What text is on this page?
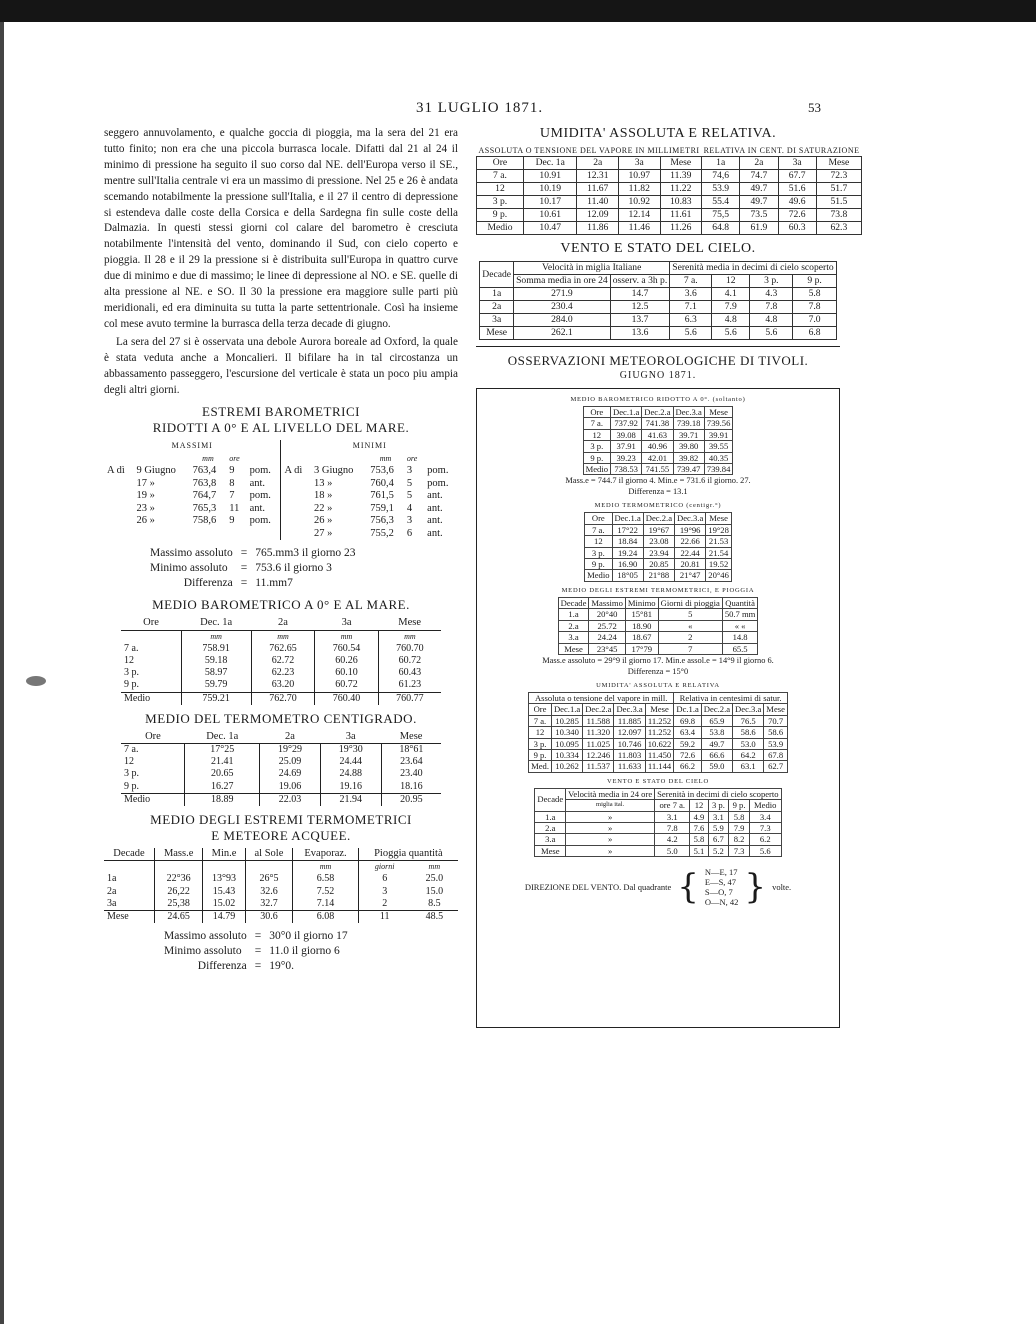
31 LUGLIO 1871.	53

seggero annuvolamento, e qualche goccia di pioggia, ma la sera del 21 era tutto finito; non era che una piccola burrasca locale. Difatti dal 21 al 24 il minimo di pressione ha seguito il suo corso dal NE. dell'Europa verso il SE., mentre sull'Italia centrale vi era un massimo di pressione. Nel 25 e 26 è andata scemando notabilmente la pressione sull'Italia, e il 27 il centro di depressione si estendeva dalle coste della Corsica e della Sardegna fin sulle coste della Dalmazia. In questi stessi giorni col calare del barometro è cresciuta notabilmente l'intensità del vento, dominando il Sud, con cielo coperto e pioggia. Il 28 e il 29 la pressione si è distribuita sull'Europa in quattro curve due di minimo e due di massimo; le linee di depressione al NO. e SE. quelle di alta pressione al NE. e SO. Il 30 la pressione era maggiore sulle parti più meridionali, ed era diminuita su tutta la parte settentrionale. Così ha insieme col mese avuto termine la burrasca della terza decade di giugno.

La sera del 27 si è osservata una debole Aurora boreale ad Oxford, la quale è stata veduta anche a Moncalieri. Il bifilare ha in tal circostanza un abbassamento passeggero, l'escursione del verticale è stata un poco piu ampia degli altri giorni.

ESTREMI BAROMETRICI
RIDOTTI A 0° E AL LIVELLO DEL MARE.
MASSIMI					MINIMI				
		mm	ore				mm	ore	
A dì	9 Giugno	763,4	9	pom.	A dì	3 Giugno	753,6	3	pom.
	17 »	763,8	8	ant.		13 »	760,4	5	pom.
	19 »	764,7	7	pom.		18 »	761,5	5	ant.
	23 »	765,3	11	ant.		22 »	759,1	4	ant.
	26 »	758,6	9	pom.		26 »	756,3	3	ant.
						27 »	755,2	6	ant.
Massimo assoluto	=	765.mm3 il giorno 23
Minimo assoluto	=	753.6 il giorno 3
Differenza	=	11.mm7
MEDIO BAROMETRICO A 0° E AL MARE.
Ore	Dec. 1a	2a	3a	Mese
	mm	mm	mm	mm
7 a.	758.91	762.65	760.54	760.70
12	59.18	62.72	60.26	60.72
3 p.	58.97	62.23	60.10	60.43
9 p.	59.79	63.20	60.72	61.23
Medio	759.21	762.70	760.40	760.77
MEDIO DEL TERMOMETRO CENTIGRADO.
Ore	Dec. 1a	2a	3a	Mese
7 a.	17°25	19°29	19°30	18°61
12	21.41	25.09	24.44	23.64
3 p.	20.65	24.69	24.88	23.40
9 p.	16.27	19.06	19.16	18.16
Medio	18.89	22.03	21.94	20.95
MEDIO DEGLI ESTREMI TERMOMETRICI
E METEORE ACQUEE.
Decade	Mass.e	Min.e	al Sole	Evaporaz.	Pioggia quantità	
				mm	giorni	mm
1a	22°36	13°93	26°5	6.58	6	25.0
2a	26,22	15.43	32.6	7.52	3	15.0
3a	25,38	15.02	32.7	7.14	2	8.5
Mese	24.65	14.79	30.6	6.08	11	48.5
Massimo assoluto	=	30°0 il giorno 17
Minimo assoluto	=	11.0 il giorno 6
Differenza	=	19°0.
UMIDITA' ASSOLUTA E RELATIVA.
ASSOLUTA O TENSIONE DEL VAPORE IN MILLIMETRI					RELATIVA IN CENT. DI SATURAZIONE			
Ore	Dec. 1a	2a	3a	Mese	1a	2a	3a	Mese
7 a.	10.91	12.31	10.97	11.39	74,6	74.7	67.7	72.3
12	10.19	11.67	11.82	11.22	53.9	49.7	51.6	51.7
3 p.	10.17	11.40	10.92	10.83	55.4	49.7	49.6	51.5
9 p.	10.61	12.09	12.14	11.61	75,5	73.5	72.6	73.8
Medio	10.47	11.86	11.46	11.26	64.8	61.9	60.3	62.3
VENTO E STATO DEL CIELO.
Decade	Velocità in miglia Italiane		Serenità media in decimi di cielo scoperto			
	Somma medìa in ore 24	osserv. a 3h p.	7 a.	12	3 p.	9 p.
1a	271.9	14.7	3.6	4.1	4.3	5.8
2a	230.4	12.5	7.1	7.9	7.8	7.8
3a	284.0	13.7	6.3	4.8	4.8	7.0
Mese	262.1	13.6	5.6	5.6	5.6	6.8
OSSERVAZIONI METEOROLOGICHE DI TIVOLI.
GIUGNO 1871.
MEDIO BAROMETRICO RIDOTTO A 0°. (soltanto)
Ore	Dec.1.a	Dec.2.a	Dec.3.a	Mese
7 a.	737.92	741.38	739.18	739.56
12	39.08	41.63	39.71	39.91
3 p.	37.91	40.96	39.80	39.55
9 p.	39.23	42.01	39.82	40.35
Medio	738.53	741.55	739.47	739.84
Mass.e = 744.7 il giorno 4. Min.e = 731.6 il giorno. 27.
Differenza = 13.1
MEDIO TERMOMETRICO (centigr.°)
Ore	Dec.1.a	Dec.2.a	Dec.3.a	Mese
7 a.	17°22	19°67	19°96	19°28
12	18.84	23.08	22.66	21.53
3 p.	19.24	23.94	22.44	21.54
9 p.	16.90	20.85	20.81	19.52
Medio	18°05	21°88	21°47	20°46
MEDIO DEGLI ESTREMI TERMOMETRICI, E PIOGGIA
Decade	Massimo	Minimo	Giorni di pioggia	Quantità
1.a	20°40	15°81	5	50.7 mm
2.a	25.72	18.90	«	« «
3.a	24.24	18.67	2	14.8
Mese	23°45	17°79	7	65.5
Mass.e assoluto = 29°9 il giorno 17. Min.e assol.e = 14°9 il giorno 6.
Differenza = 15°0
UMIDITA' ASSOLUTA E RELATIVA
Assoluta o tensione del vapore in mill.					Relativa in centesimi di satur.			
Ore	Dec.1.a	Dec.2.a	Dec.3.a	Mese	Dc.1.a	Dec.2.a	Dec.3.a	Mese
7 a.	10.285	11.588	11.885	11.252	69.8	65.9	76.5	70.7
12	10.340	11.320	12.097	11.252	63.4	53.8	58.6	58.6
3 p.	10.095	11.025	10.746	10.622	59.2	49.7	53.0	53.9
9 p.	10.334	12.246	11.803	11.450	72.6	66.6	64.2	67.8
Med.	10.262	11.537	11.633	11.144	66.2	59.0	63.1	62.7
VENTO E STATO DEL CIELO
Decade	Velocità media in 24 ore	Serenità in decimi di cielo scoperto				
	miglia ital.	ore 7 a.	12	3 p.	9 p.	Medio
1.a	»	3.1	4.9	3.1	5.8	3.4
2.a	»	7.8	7.6	5.9	7.9	7.3
3.a	»	4.2	5.8	6.7	8.2	6.2
Mese	»	5.0	5.1	5.2	7.3	5.6
DIREZIONE DEL VENTO. Dal quadrante { N—E, 17
E—S, 47
S—O, 7
O—N, 42 } volte.
